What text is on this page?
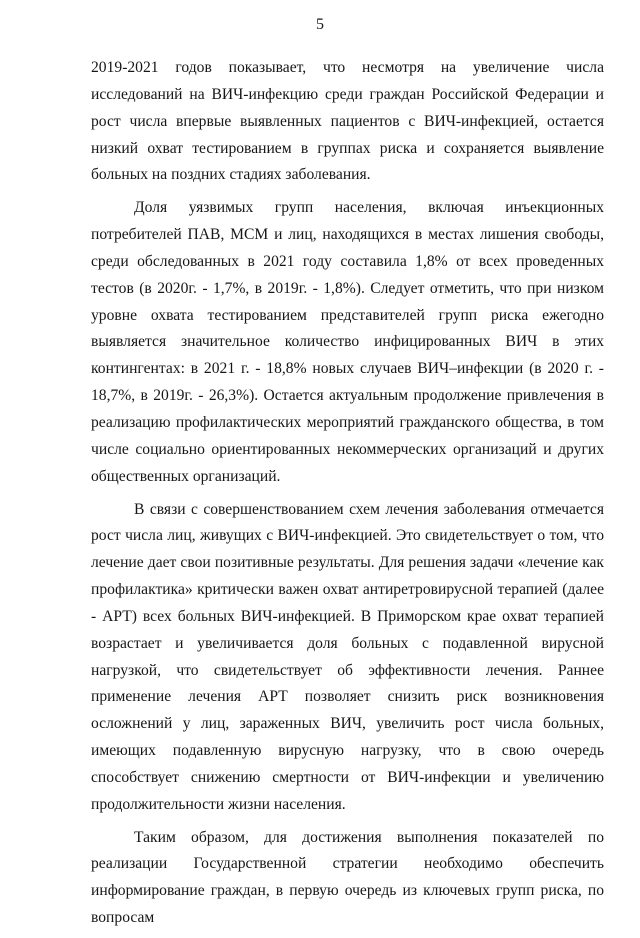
5

2019-2021 годов показывает, что несмотря на увеличение числа исследований на ВИЧ-инфекцию среди граждан Российской Федерации и рост числа впервые выявленных пациентов с ВИЧ-инфекцией, остается низкий охват тестированием в группах риска и сохраняется выявление больных на поздних стадиях заболевания.

Доля уязвимых групп населения, включая инъекционных потребителей ПАВ, МСМ и лиц, находящихся в местах лишения свободы, среди обследованных в 2021 году составила 1,8% от всех проведенных тестов (в 2020г. - 1,7%, в 2019г. - 1,8%). Следует отметить, что при низком уровне охвата тестированием представителей групп риска ежегодно выявляется значительное количество инфицированных ВИЧ в этих контингентах: в 2021 г. - 18,8% новых случаев ВИЧ–инфекции (в 2020 г. - 18,7%, в 2019г. - 26,3%). Остается актуальным продолжение привлечения в реализацию профилактических мероприятий гражданского общества, в том числе социально ориентированных некоммерческих организаций и других общественных организаций.

В связи с совершенствованием схем лечения заболевания отмечается рост числа лиц, живущих с ВИЧ-инфекцией. Это свидетельствует о том, что лечение дает свои позитивные результаты. Для решения задачи «лечение как профилактика» критически важен охват антиретровирусной терапией (далее - АРТ) всех больных ВИЧ-инфекцией. В Приморском крае охват терапией возрастает и увеличивается доля больных с подавленной вирусной нагрузкой, что свидетельствует об эффективности лечения. Раннее применение лечения АРТ позволяет снизить риск возникновения осложнений у лиц, зараженных ВИЧ, увеличить рост числа больных, имеющих подавленную вирусную нагрузку, что в свою очередь способствует снижению смертности от ВИЧ-инфекции и увеличению продолжительности жизни населения.

Таким образом, для достижения выполнения показателей по реализации Государственной стратегии необходимо обеспечить информирование граждан, в первую очередь из ключевых групп риска, по вопросам
